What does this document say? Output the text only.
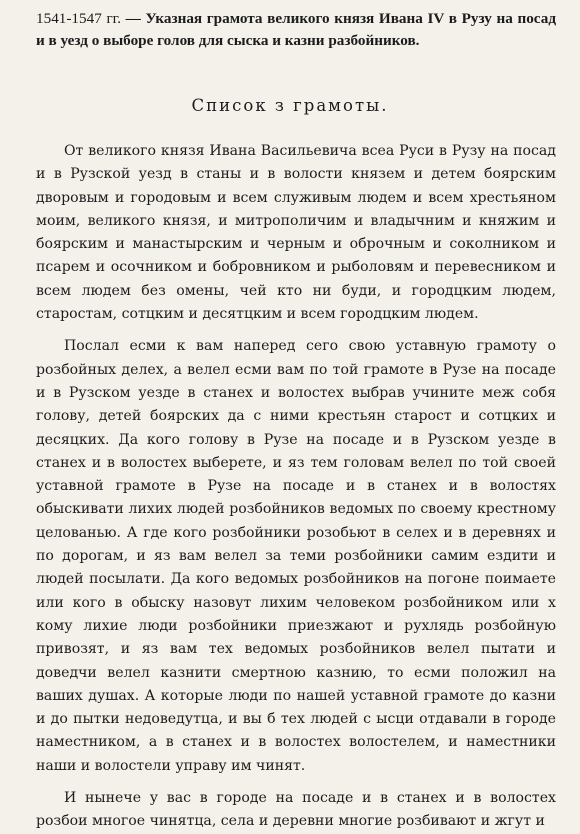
1541-1547 гг. — Указная грамота великого князя Ивана IV в Рузу на посад и в уезд о выборе голов для сыска и казни разбойников.
Список з грамоты.

От великого князя Ивана Васильевича всеа Руси в Рузу на посад и в Рузской уезд в станы и в волости князем и детем боярским дворовым и городовым и всем служивым людем и всем хрестьяном моим, великого князя, и митрополичим и владычним и княжим и боярским и манастырским и черным и оброчным и соколником и псарем и осочником и бобровником и рыболовям и перевесником и всем людем без омены, чей кто ни буди, и городцким людем, старостам, сотцким и десятцким и всем городцким людем.

Послал есми к вам наперед сего свою уставную грамоту о розбойных делех, а велел есми вам по той грамоте в Рузе на посаде и в Рузском уезде в станех и волостех выбрав учините меж собя голову, детей боярских да с ними крестьян старост и сотцких и десяцких. Да кого голову в Рузе на посаде и в Рузском уезде в станех и в волостех выберете, и яз тем головам велел по той своей уставной грамоте в Рузе на посаде и в станех и в волостях обыскивати лихих людей розбойников ведомых по своему крестному целованью. А где кого розбойники розобьют в селех и в деревнях и по дорогам, и яз вам велел за теми розбойники самим ездити и людей посылати. Да кого ведомых розбойников на погоне поимаете или кого в обыску назовут лихим человеком розбойником или х кому лихие люди розбойники приезжают и рухлядь розбойную привозят, и яз вам тех ведомых розбойников велел пытати и доведчи велел казнити смертною казнию, то есми положил на ваших душах. А которые люди по нашей уставной грамоте до казни и до пытки недоведутца, и вы б тех людей с ысци отдавали в городе наместником, а в станех и в волостех волостелем, и наместники наши и волостели управу им чинят.

И нынече у вас в городе на посаде и в станех и в волостех розбои многое чинятца, села и деревни многие розбивают и жгут и
